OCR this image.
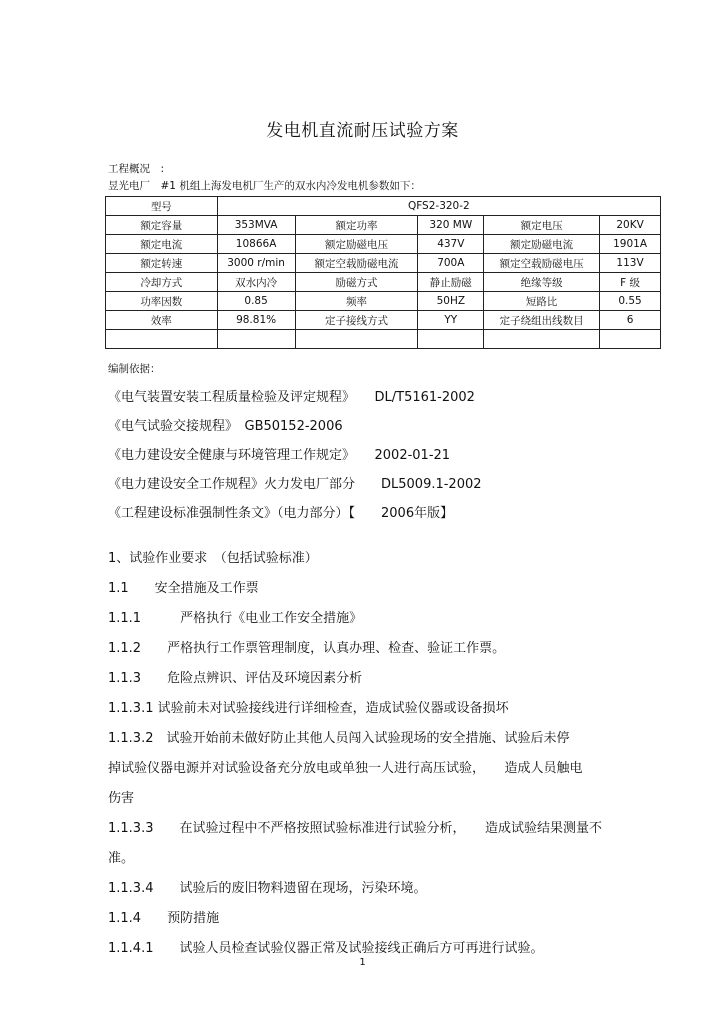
发电机直流耐压试验方案
工程概况　:
昱光电厂　#1 机组上海发电机厂生产的双水内冷发电机参数如下：
型号	QFS2-320-2				
额定容量	353MVA	额定功率	320 MW	额定电压	20KV
额定电流	10866A	额定励磁电压	437V	额定励磁电流	1901A
额定转速	3000 r/min	额定空载励磁电流	700A	额定空载励磁电压	113V
冷却方式	双水内冷	励磁方式	静止励磁	绝缘等级	F 级
功率因数	0.85	频率	50HZ	短路比	0.55
效率	98.81%	定子接线方式	YY	定子绕组出线数目	6

编制依据：
《电气装置安装工程质量检验及评定规程》　　DL/T5161-2002
《电气试验交接规程》　GB50152-2006
《电力建设安全健康与环境管理工作规定》　　2002-01-21
《电力建设安全工作规程》火力发电厂部分　　DL5009.1-2002
《工程建设标准强制性条文》（电力部分）【　　2006年版】
1、试验作业要求　（包括试验标准）
1.1　　安全措施及工作票
1.1.1　　　严格执行《电业工作安全措施》
1.1.2　　严格执行工作票管理制度，认真办理、检查、验证工作票。
1.1.3　　危险点辨识、评估及环境因素分析
1.1.3.1 试验前未对试验接线进行详细检查，造成试验仪器或设备损坏
1.1.3.2　试验开始前未做好防止其他人员闯入试验现场的安全措施、试验后未停
掉试验仪器电源并对试验设备充分放电或单独一人进行高压试验，　　造成人员触电
伤害
1.1.3.3　　在试验过程中不严格按照试验标准进行试验分析，　　造成试验结果测量不
准。
1.1.3.4　　试验后的废旧物料遗留在现场，污染环境。
1.1.4　　预防措施
1.1.4.1　　试验人员检查试验仪器正常及试验接线正确后方可再进行试验。
1
